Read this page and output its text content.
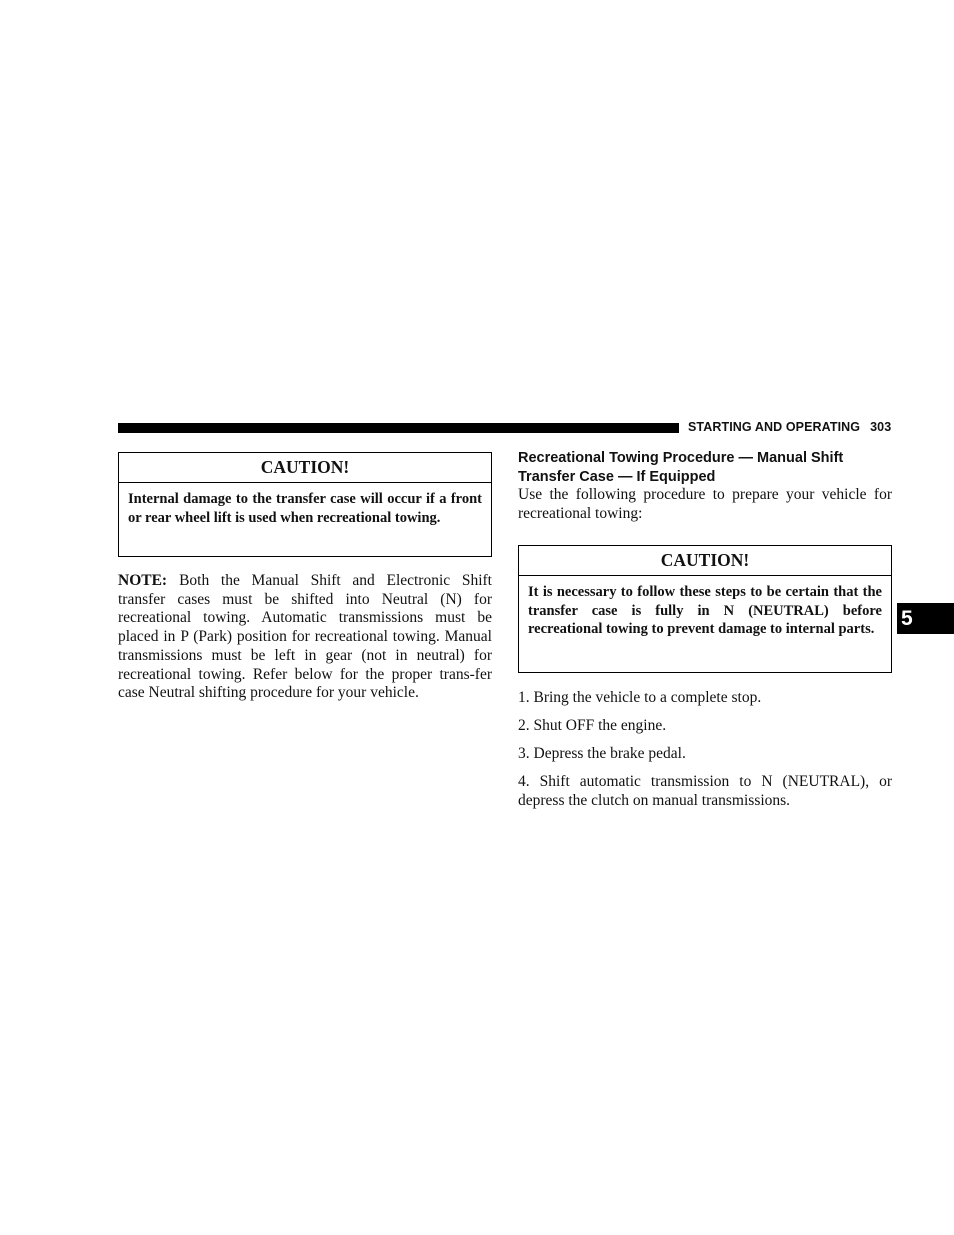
STARTING AND OPERATING 303
CAUTION!
Internal damage to the transfer case will occur if a front or rear wheel lift is used when recreational towing.
NOTE: Both the Manual Shift and Electronic Shift transfer cases must be shifted into Neutral (N) for recreational towing. Automatic transmissions must be placed in P (Park) position for recreational towing. Manual transmissions must be left in gear (not in neutral) for recreational towing. Refer below for the proper trans-fer case Neutral shifting procedure for your vehicle.
Recreational Towing Procedure — Manual Shift Transfer Case — If Equipped
Use the following procedure to prepare your vehicle for recreational towing:
CAUTION!
It is necessary to follow these steps to be certain that the transfer case is fully in N (NEUTRAL) before recreational towing to prevent damage to internal parts.

1. Bring the vehicle to a complete stop.

2. Shut OFF the engine.

3. Depress the brake pedal.

4. Shift automatic transmission to N (NEUTRAL), or depress the clutch on manual transmissions.

5
